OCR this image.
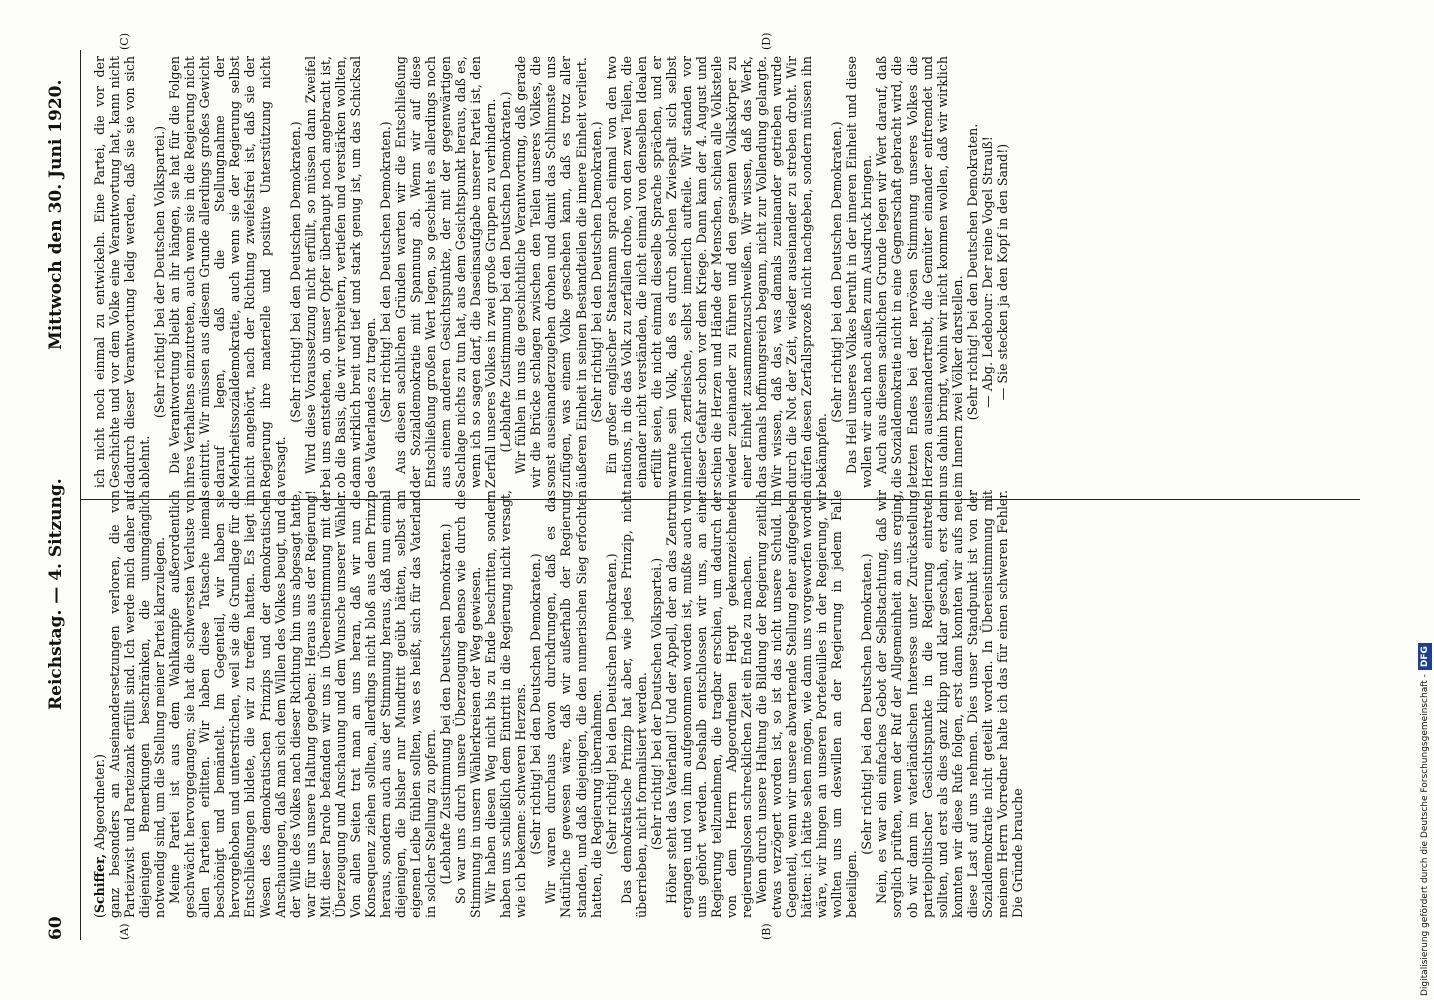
60
Reichstag. — 4. Sitzung.
Mittwoch den 30. Juni 1920.
(A)	(B)
(C)	(D)

(Schiffer, Abgeordneter.) ganz besonders an Auseinandersetzungen verloren, die von Parteizwist und Parteizank erfüllt sind. Ich werde mich daher auf diejenigen Bemerkungen beschränken, die unumgänglich notwendig sind, um die Stellung meiner Partei klarzulegen. Meine Partei ist aus dem Wahlkampfe außerordentlich geschwächt hervorgegangen; sie hat die schwersten Verluste von allen Parteien erlitten. Wir haben diese Tatsache niemals beschönigt und bemäntelt. Im Gegenteil, wir haben sie hervorgehoben und unterstrichen, weil sie die Grundlage für die Entschließungen bildete, die wir zu treffen hatten. Es liegt im Wesen des demokratischen Prinzips und der demokratischen Anschauungen, daß man sich dem Willen des Volkes beugt, und da der Wille des Volkes nach dieser Richtung hin uns abgesagt hatte, war für uns unsere Haltung gegeben: Heraus aus der Regierung! Mit dieser Parole befanden wir uns in Übereinstimmung mit der Überzeugung und Anschauung und dem Wunsche unserer Wähler. Von allen Seiten trat man an uns heran, daß wir nun die Konsequenz ziehen sollten, allerdings nicht bloß aus dem Prinzip heraus, sondern auch aus der Stimmung heraus, daß nun einmal diejenigen, die bisher nur Mundtritt geübt hätten, selbst am eigenen Leibe fühlen sollten, was es heißt, sich für das Vaterland in solcher Stellung zu opfern. (Lebhafte Zustimmung bei den Deutschen Demokraten.) So war uns durch unsere Überzeugung ebenso wie durch die Stimmung in unsern Wählerkreisen der Weg gewiesen. Wir haben diesen Weg nicht bis zu Ende beschritten, sondern haben uns schließlich dem Eintritt in die Regierung nicht versagt, wie ich bekenne: schweren Herzens. (Sehr richtig! bei den Deutschen Demokraten.) Wir waren durchaus davon durchdrungen, daß es das Natürliche gewesen wäre, daß wir außerhalb der Regierung standen, und daß diejenigen, die den numerischen Sieg erfochten hatten, die Regierung übernahmen. (Sehr richtig! bei den Deutschen Demokraten.) Das demokratische Prinzip hat aber, wie jedes Prinzip, nicht überrieben, nicht formalisiert werden. (Sehr richtig! bei der Deutschen Volkspartei.) Höher steht das Vaterland! Und der Appell, der an das Zentrum ergangen und von ihm aufgenommen worden ist, mußte auch von uns gehört werden. Deshalb entschlossen wir uns, an einer Regierung teilzunehmen, die tragbar erschien, um dadurch der von dem Herrn Abgeordneten Hergt gekennzeichneten regierungslosen schrecklichen Zeit ein Ende zu machen. Wenn durch unsere Haltung die Bildung der Regierung zeitlich etwas verzögert worden ist, so ist das nicht unsere Schuld. Im Gegenteil, wenn wir unsere abwartende Stellung eher aufgegeben hätten: ich hätte sehen mögen, wie dann uns vorgeworfen worden wäre, wir hingen an unseren Portefeuilles in der Regierung, wir wollten uns um deswillen an der Regierung in jedem Falle beteiligen.

(Sehr richtig! bei den Deutschen Demokraten.) Nein, es war ein einfaches Gebot der Selbstachtung, daß wir sorglich prüften, wenn der Ruf der Allgemeinheit an uns erging, ob wir dann im vaterländischen Interesse unter Zurückstellung parteipolitischer Gesichtspunkte in die Regierung eintreten sollten, und erst als dies ganz klipp und klar geschah, erst dann konnten wir diese Rufe folgen, erst dann konnten wir aufs neue diese Last auf uns nehmen. Dies unser Standpunkt ist von der Sozialdemokratie nicht geteilt worden. In Übereinstimmung mit meinem Herrn Vorredner halte ich das für einen schweren Fehler. Die Gründe brauche

ich nicht noch einmal zu entwickeln. Eine Partei, die vor der Geschichte und vor dem Volke eine Verantwortung hat, kann nicht dadurch dieser Verantwortung ledig werden, daß sie sie von sich ablehnt.

(Sehr richtig! bei der Deutschen Volkspartei.) Die Verantwortung bleibt an ihr hängen, sie hat für die Folgen ihres Verhaltens einzutreten, auch wenn sie in die Regierung nicht eintritt. Wir müssen aus diesem Grunde allerdings großes Gewicht darauf legen, daß die Stellungnahme der Mehrheitssozialdemokratie, auch wenn sie der Regierung selbst nicht angehört, nach der Richtung zweifelsfrei ist, daß sie der Regierung ihre materielle und positive Unterstützung nicht versagt.

(Sehr richtig! bei den Deutschen Demokraten.) Wird diese Voraussetzung nicht erfüllt, so müssen dann Zweifel bei uns entstehen, ob unser Opfer überhaupt noch angebracht ist, ob die Basis, die wir verbreitern, vertiefen und verstärken wollten, dann wirklich breit und tief und stark genug ist, um das Schicksal des Vaterlandes zu tragen. (Sehr richtig! bei den Deutschen Demokraten.) Aus diesen sachlichen Gründen warten wir die Entschließung der Sozialdemokratie mit Spannung ab. Wenn wir auf diese Entschließung großen Wert legen, so geschieht es allerdings noch aus einem anderen Gesichtspunkte, der mit der gegenwärtigen Sachlage nichts zu tun hat, aus dem Gesichtspunkt heraus, daß es, wenn ich so sagen darf, die Daseinsaufgabe unserer Partei ist, den Zerfall unseres Volkes in zwei große Gruppen zu verhindern. (Lebhafte Zustimmung bei den Deutschen Demokraten.) Wir fühlen in uns die geschichtliche Verantwortung, daß gerade wir die Brücke schlagen zwischen den Teilen unseres Volkes, die sonst auseinanderzugehen drohen und damit das Schlimmste uns zufügen, was einem Volke geschehen kann, daß es trotz aller äußeren Einheit in seinen Bestandteilen die innere Einheit verliert. (Sehr richtig! bei den Deutschen Demokraten.) Ein großer englischer Staatsmann sprach einmal von den two nations, in die das Volk zu zerfallen drohe, von den zwei Teilen, die einander nicht verständen, die nicht einmal von denselben Idealen erfüllt seien, die nicht einmal dieselbe Sprache sprächen, und er warnte sein Volk, daß es durch solchen Zwiespalt sich selbst innerlich zerfleische, selbst innerlich aufteile. Wir standen vor dieser Gefahr schon vor dem Kriege. Dann kam der 4. August und schien die Herzen und Hände der Menschen, schien alle Volksteile wieder zueinander zu führen und den gesamten Volkskörper zu einer Einheit zusammenzuschweißen. Wir wissen, daß das Werk, das damals hoffnungsreich begann, nicht zur Vollendung gelangte. Wir wissen, daß das, was damals zueinander getrieben wurde durch die Not der Zeit, wieder auseinander zu streben droht. Wir dürfen diesen Zerfallsprozeß nicht nachgeben, sondern müssen ihn bekämpfen.

(Sehr richtig! bei den Deutschen Demokraten.) Das Heil unseres Volkes beruht in der inneren Einheit und diese wollen wir auch nach außen zum Ausdruck bringen. Auch aus diesem sachlichen Grunde legen wir Wert darauf, daß die Sozialdemokratie nicht in eine Gegnerschaft gebracht wird, die letzten Endes bei der nervösen Stimmung unseres Volkes die Herzen auseinandertreibt, die Gemüter einander entfremdet und uns dahin bringt, wohin wir nicht kommen wollen, daß wir wirklich im Innern zwei Völker darstellen. (Sehr richtig! bei den Deutschen Demokraten. — Abg. Ledebour: Der reine Vogel Strauß! — Sie stecken ja den Kopf in den Sand!)

Digitalisierung gefördert durch die Deutsche Forschungsgemeinschaft -DFG
